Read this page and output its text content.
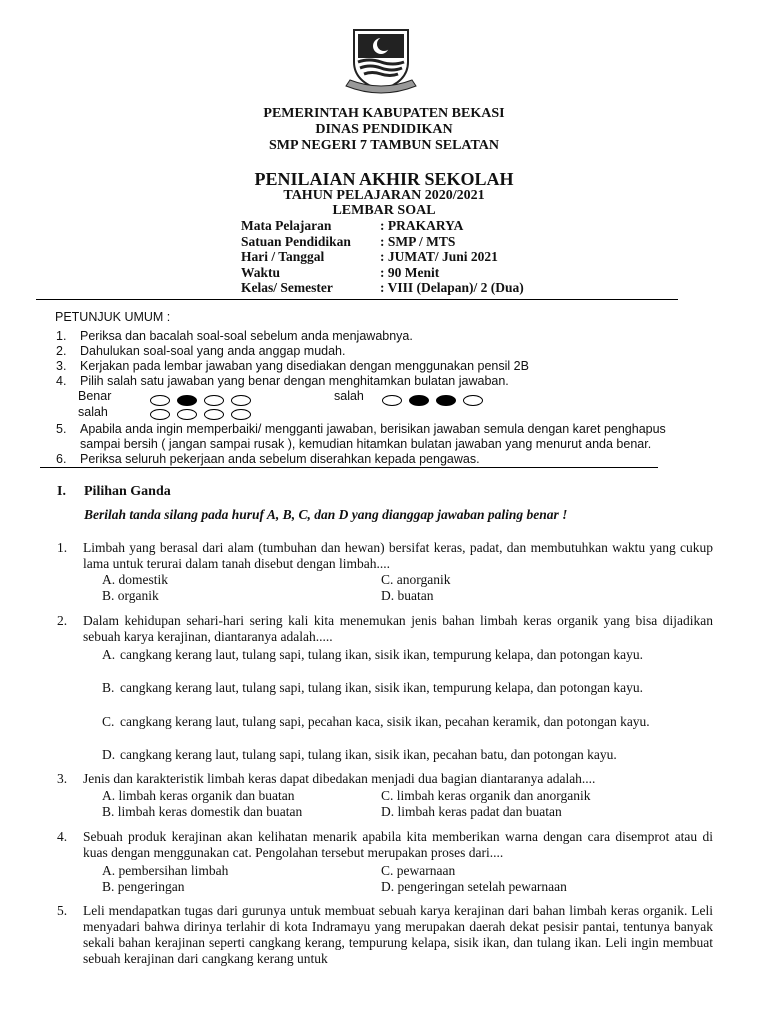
PEMERINTAH KABUPATEN BEKASI
DINAS PENDIDIKAN
SMP NEGERI 7 TAMBUN SELATAN
PENILAIAN AKHIR SEKOLAH
TAHUN PELAJARAN 2020/2021
LEMBAR SOAL
Mata Pelajaran	: PRAKARYA
Satuan Pendidikan : SMP / MTS
Hari / Tanggal	: JUMAT/ Juni 2021
Waktu	: 90 Menit
Kelas/ Semester	: VIII (Delapan)/ 2 (Dua)
PETUNJUK UMUM :
1. Periksa dan bacalah soal-soal sebelum anda menjawabnya.
2. Dahulukan soal-soal yang anda anggap mudah.
3. Kerjakan pada lembar jawaban yang disediakan dengan menggunakan pensil 2B
4. Pilih salah satu jawaban yang benar dengan menghitamkan bulatan jawaban.
Benar	salah
salah
5. Apabila anda ingin memperbaiki/ mengganti jawaban, berisikan jawaban semula dengan karet penghapus
sampai bersih ( jangan sampai rusak ), kemudian hitamkan bulatan jawaban yang menurut anda benar.
6. Periksa seluruh pekerjaan anda sebelum diserahkan kepada pengawas.
I. Pilihan Ganda
Berilah tanda silang pada huruf A, B, C, dan D yang dianggap jawaban paling benar !
1. Limbah yang berasal dari alam (tumbuhan dan hewan) bersifat keras, padat, dan membutuhkan waktu yang cukup lama untuk terurai dalam tanah disebut dengan limbah....
A. domestik
B. organik
C. anorganik
D. buatan
2. Dalam kehidupan sehari-hari sering kali kita menemukan jenis bahan limbah keras organik yang bisa dijadikan sebuah karya kerajinan, diantaranya adalah.....
A. cangkang kerang laut, tulang sapi, tulang ikan, sisik ikan, tempurung kelapa, dan potongan kayu.
B. cangkang kerang laut, tulang sapi, tulang ikan, sisik ikan, tempurung kelapa, dan potongan kayu.
C. cangkang kerang laut, tulang sapi, pecahan kaca, sisik ikan, pecahan keramik, dan potongan kayu.
D. cangkang kerang laut, tulang sapi, tulang ikan, sisik ikan, pecahan batu, dan potongan kayu.
3. Jenis dan karakteristik limbah keras dapat dibedakan menjadi dua bagian diantaranya adalah....
A. limbah keras organik dan buatan
B. limbah keras domestik dan buatan
C. limbah keras organik dan anorganik
D. limbah keras padat dan buatan
4. Sebuah produk kerajinan akan kelihatan menarik apabila kita memberikan warna dengan cara disemprot atau di kuas dengan menggunakan cat. Pengolahan tersebut merupakan proses dari....
A. pembersihan limbah
B. pengeringan
C. pewarnaan
D. pengeringan setelah pewarnaan
5. Leli mendapatkan tugas dari gurunya untuk membuat sebuah karya kerajinan dari bahan limbah keras organik. Leli menyadari bahwa dirinya terlahir di kota Indramayu yang merupakan daerah dekat pesisir pantai, tentunya banyak sekali bahan kerajinan seperti cangkang kerang, tempurung kelapa, sisik ikan, dan tulang ikan. Leli ingin membuat sebuah kerajinan dari cangkang kerang untuk
